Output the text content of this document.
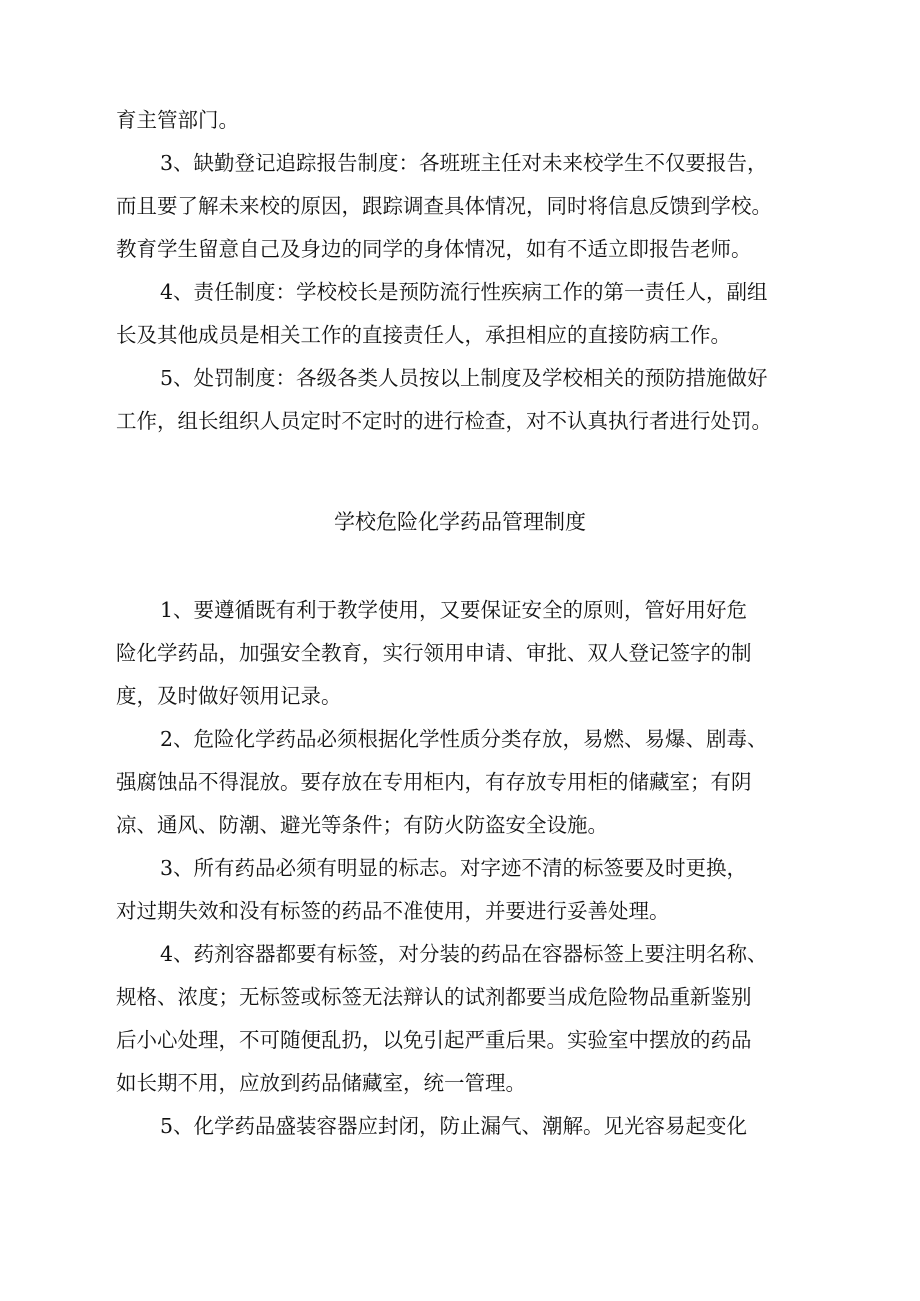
育主管部门。
3、缺勤登记追踪报告制度：各班班主任对未来校学生不仅要报告，
而且要了解未来校的原因，跟踪调查具体情况，同时将信息反馈到学校。
教育学生留意自己及身边的同学的身体情况，如有不适立即报告老师。
4、责任制度：学校校长是预防流行性疾病工作的第一责任人，副组
长及其他成员是相关工作的直接责任人，承担相应的直接防病工作。
5、处罚制度：各级各类人员按以上制度及学校相关的预防措施做好
工作，组长组织人员定时不定时的进行检查，对不认真执行者进行处罚。
学校危险化学药品管理制度
1、要遵循既有利于教学使用，又要保证安全的原则，管好用好危
险化学药品，加强安全教育，实行领用申请、审批、双人登记签字的制
度，及时做好领用记录。
2、危险化学药品必须根据化学性质分类存放，易燃、易爆、剧毒、
强腐蚀品不得混放。要存放在专用柜内，有存放专用柜的储藏室；有阴
凉、通风、防潮、避光等条件；有防火防盗安全设施。
3、所有药品必须有明显的标志。对字迹不清的标签要及时更换，
对过期失效和没有标签的药品不准使用，并要进行妥善处理。
4、药剂容器都要有标签，对分装的药品在容器标签上要注明名称、
规格、浓度；无标签或标签无法辩认的试剂都要当成危险物品重新鉴别
后小心处理，不可随便乱扔，以免引起严重后果。实验室中摆放的药品
如长期不用，应放到药品储藏室，统一管理。
5、化学药品盛装容器应封闭，防止漏气、潮解。见光容易起变化
